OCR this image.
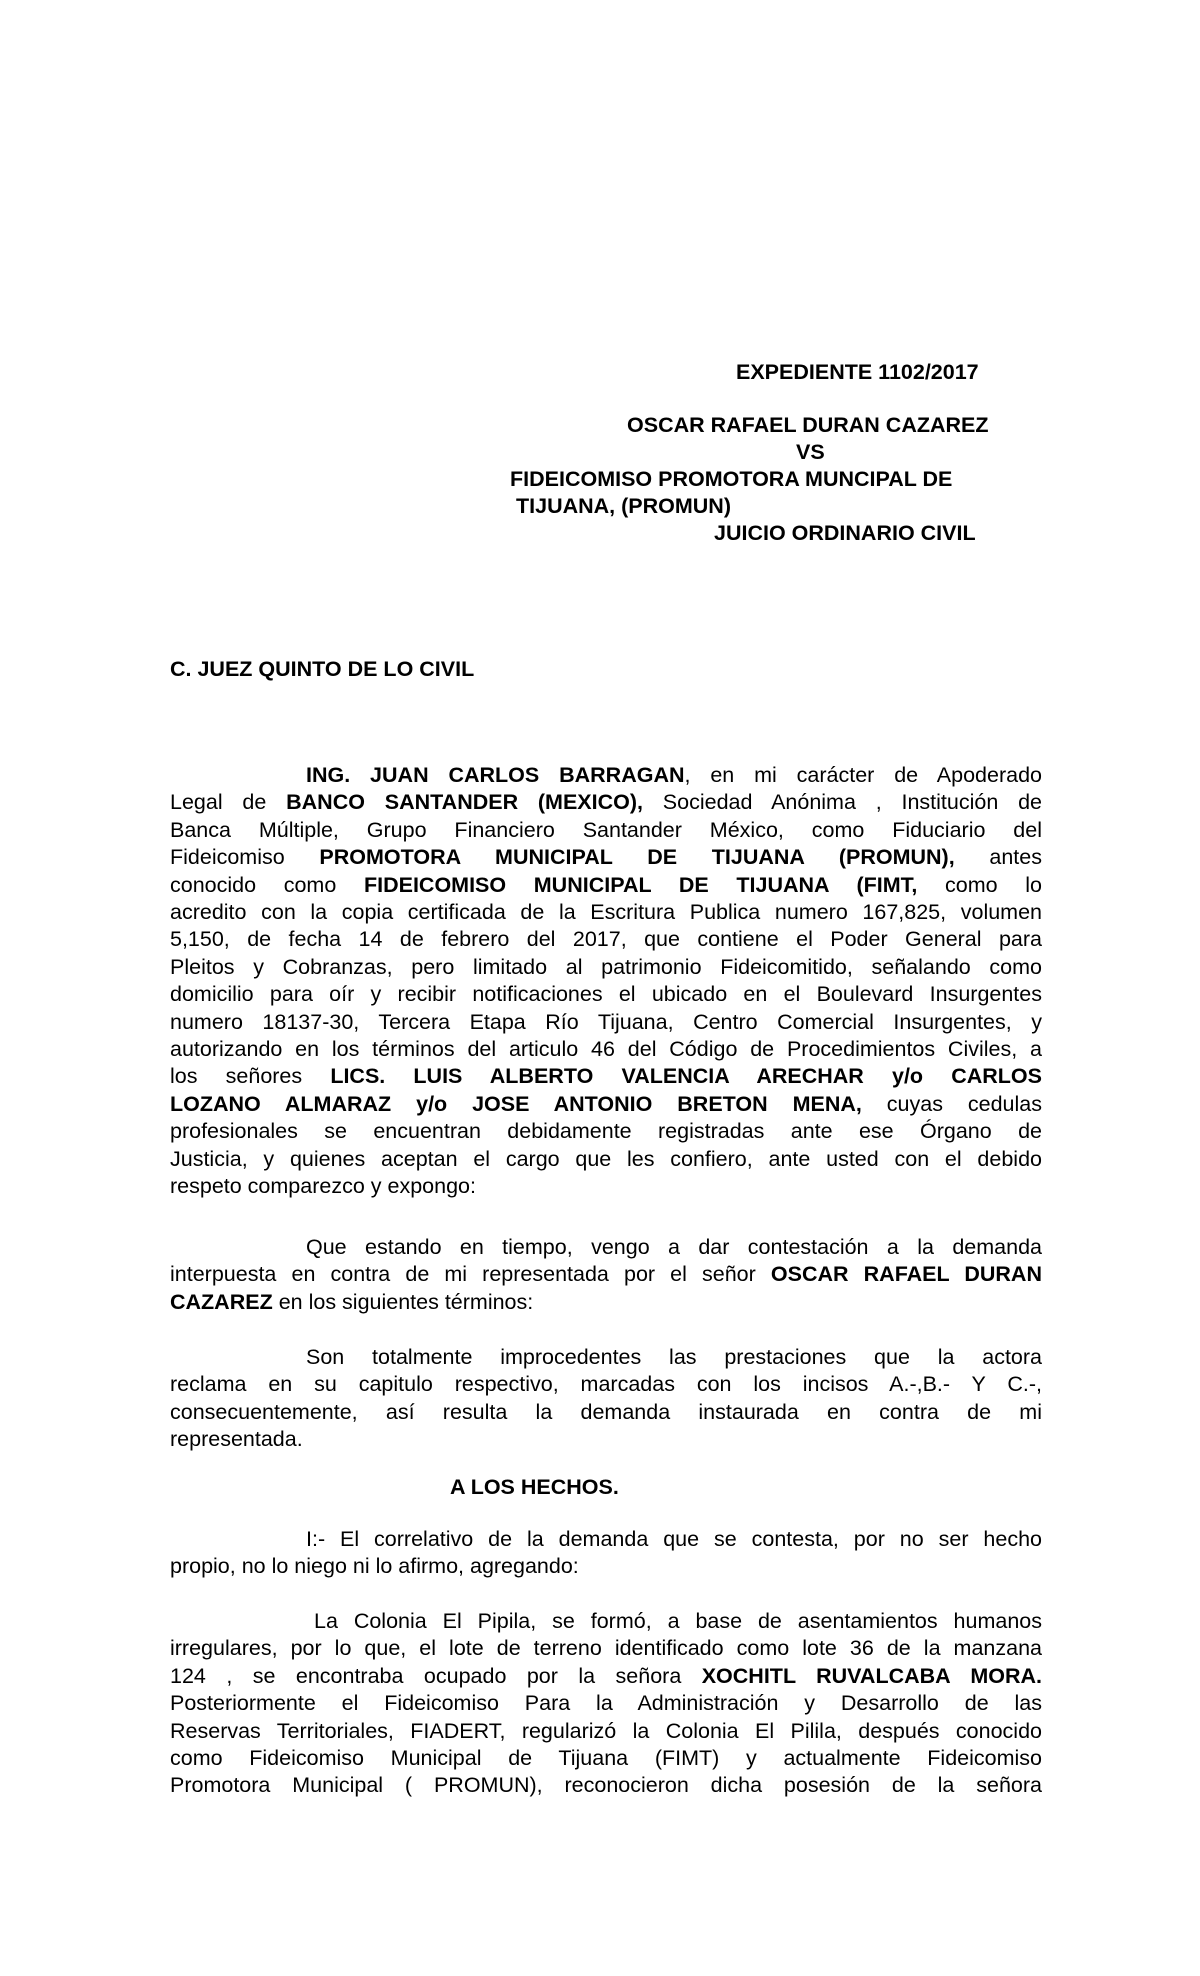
EXPEDIENTE 1102/2017
OSCAR RAFAEL DURAN CAZAREZ
VS
FIDEICOMISO PROMOTORA MUNCIPAL DE
TIJUANA, (PROMUN)
JUICIO ORDINARIO CIVIL
C. JUEZ QUINTO DE LO CIVIL
ING. JUAN CARLOS BARRAGAN, en mi carácter de Apoderado
Legal de BANCO SANTANDER (MEXICO), Sociedad Anónima , Institución de
Banca Múltiple, Grupo Financiero Santander México, como Fiduciario del
Fideicomiso PROMOTORA MUNICIPAL DE TIJUANA (PROMUN), antes
conocido como FIDEICOMISO MUNICIPAL DE TIJUANA (FIMT, como lo
acredito con la copia certificada de la Escritura Publica numero 167,825, volumen
5,150, de fecha 14 de febrero del 2017, que contiene el Poder General para
Pleitos y Cobranzas, pero limitado al patrimonio Fideicomitido, señalando como
domicilio para oír y recibir notificaciones el ubicado en el Boulevard Insurgentes
numero 18137-30, Tercera Etapa Río Tijuana, Centro Comercial Insurgentes, y
autorizando en los términos del articulo 46 del Código de Procedimientos Civiles, a
los señores LICS. LUIS ALBERTO VALENCIA ARECHAR y/o CARLOS
LOZANO ALMARAZ y/o JOSE ANTONIO BRETON MENA, cuyas cedulas
profesionales se encuentran debidamente registradas ante ese Órgano de
Justicia, y quienes aceptan el cargo que les confiero, ante usted con el debido
respeto comparezco y expongo:
Que estando en tiempo, vengo a dar contestación a la demanda
interpuesta en contra de mi representada por el señor OSCAR RAFAEL DURAN
CAZAREZ en los siguientes términos:
Son totalmente improcedentes las prestaciones que la actora
reclama en su capitulo respectivo, marcadas con los incisos A.-,B.- Y C.-,
consecuentemente, así resulta la demanda instaurada en contra de mi
representada.
A LOS HECHOS.
I:- El correlativo de la demanda que se contesta, por no ser hecho
propio, no lo niego ni lo afirmo, agregando:
La Colonia El Pipila, se formó, a base de asentamientos humanos
irregulares, por lo que, el lote de terreno identificado como lote 36 de la manzana
124 , se encontraba ocupado por la señora XOCHITL RUVALCABA MORA.
Posteriormente el Fideicomiso Para la Administración y Desarrollo de las
Reservas Territoriales, FIADERT, regularizó la Colonia El Pilila, después conocido
como Fideicomiso Municipal de Tijuana (FIMT) y actualmente Fideicomiso
Promotora Municipal ( PROMUN), reconocieron dicha posesión de la señora
